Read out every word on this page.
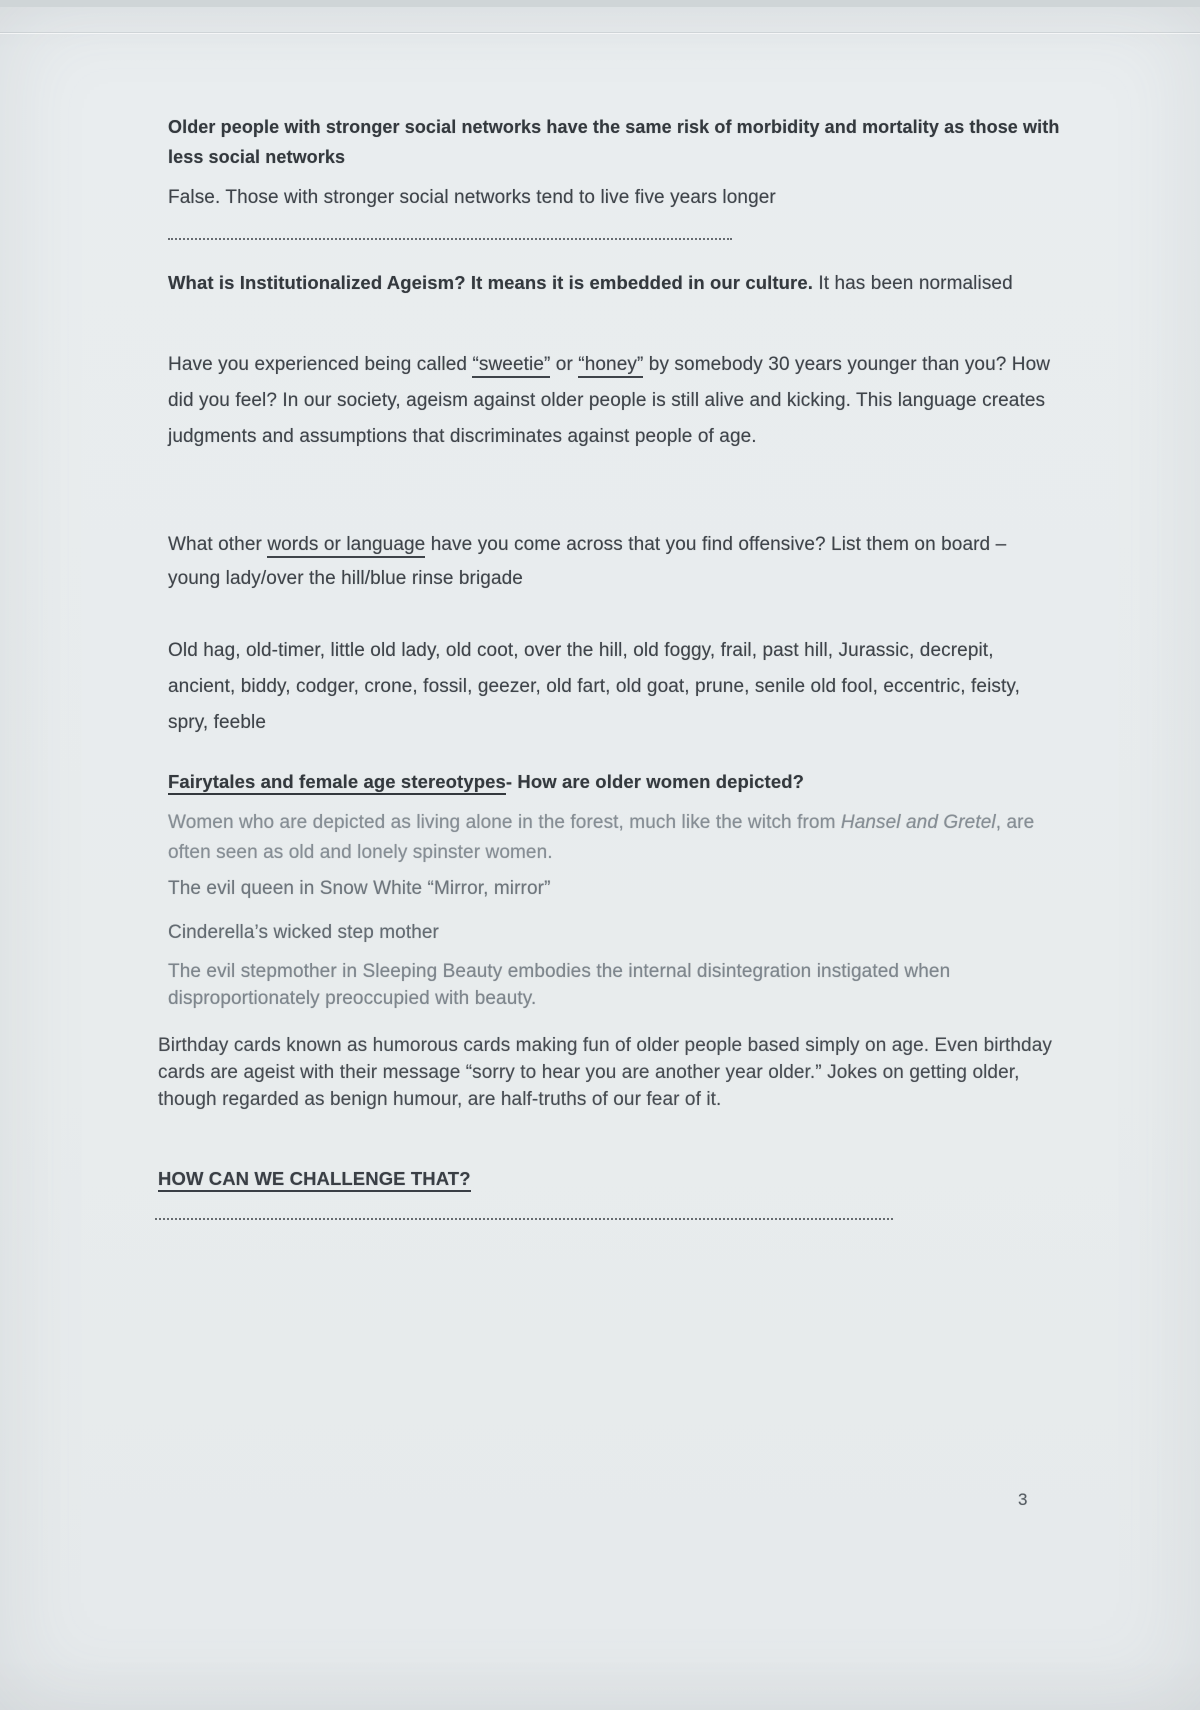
Older people with stronger social networks have the same risk of morbidity and mortality as those with less social networks
False. Those with stronger social networks tend to live five years longer
What is Institutionalized Ageism? It means it is embedded in our culture. It has been normalised
Have you experienced being called “sweetie” or “honey” by somebody 30 years younger than you? How did you feel? In our society, ageism against older people is still alive and kicking. This language creates judgments and assumptions that discriminates against people of age.
What other words or language have you come across that you find offensive? List them on board – young lady/over the hill/blue rinse brigade
Old hag, old-timer, little old lady, old coot, over the hill, old foggy, frail, past hill, Jurassic, decrepit, ancient, biddy, codger, crone, fossil, geezer, old fart, old goat, prune, senile old fool, eccentric, feisty, spry, feeble
Fairytales and female age stereotypes- How are older women depicted?
Women who are depicted as living alone in the forest, much like the witch from Hansel and Gretel, are often seen as old and lonely spinster women.
The evil queen in Snow White “Mirror, mirror”
Cinderella’s wicked step mother
The evil stepmother in Sleeping Beauty embodies the internal disintegration instigated when disproportionately preoccupied with beauty.
Birthday cards known as humorous cards making fun of older people based simply on age. Even birthday cards are ageist with their message “sorry to hear you are another year older.” Jokes on getting older, though regarded as benign humour, are half-truths of our fear of it.
HOW CAN WE CHALLENGE THAT?
3
